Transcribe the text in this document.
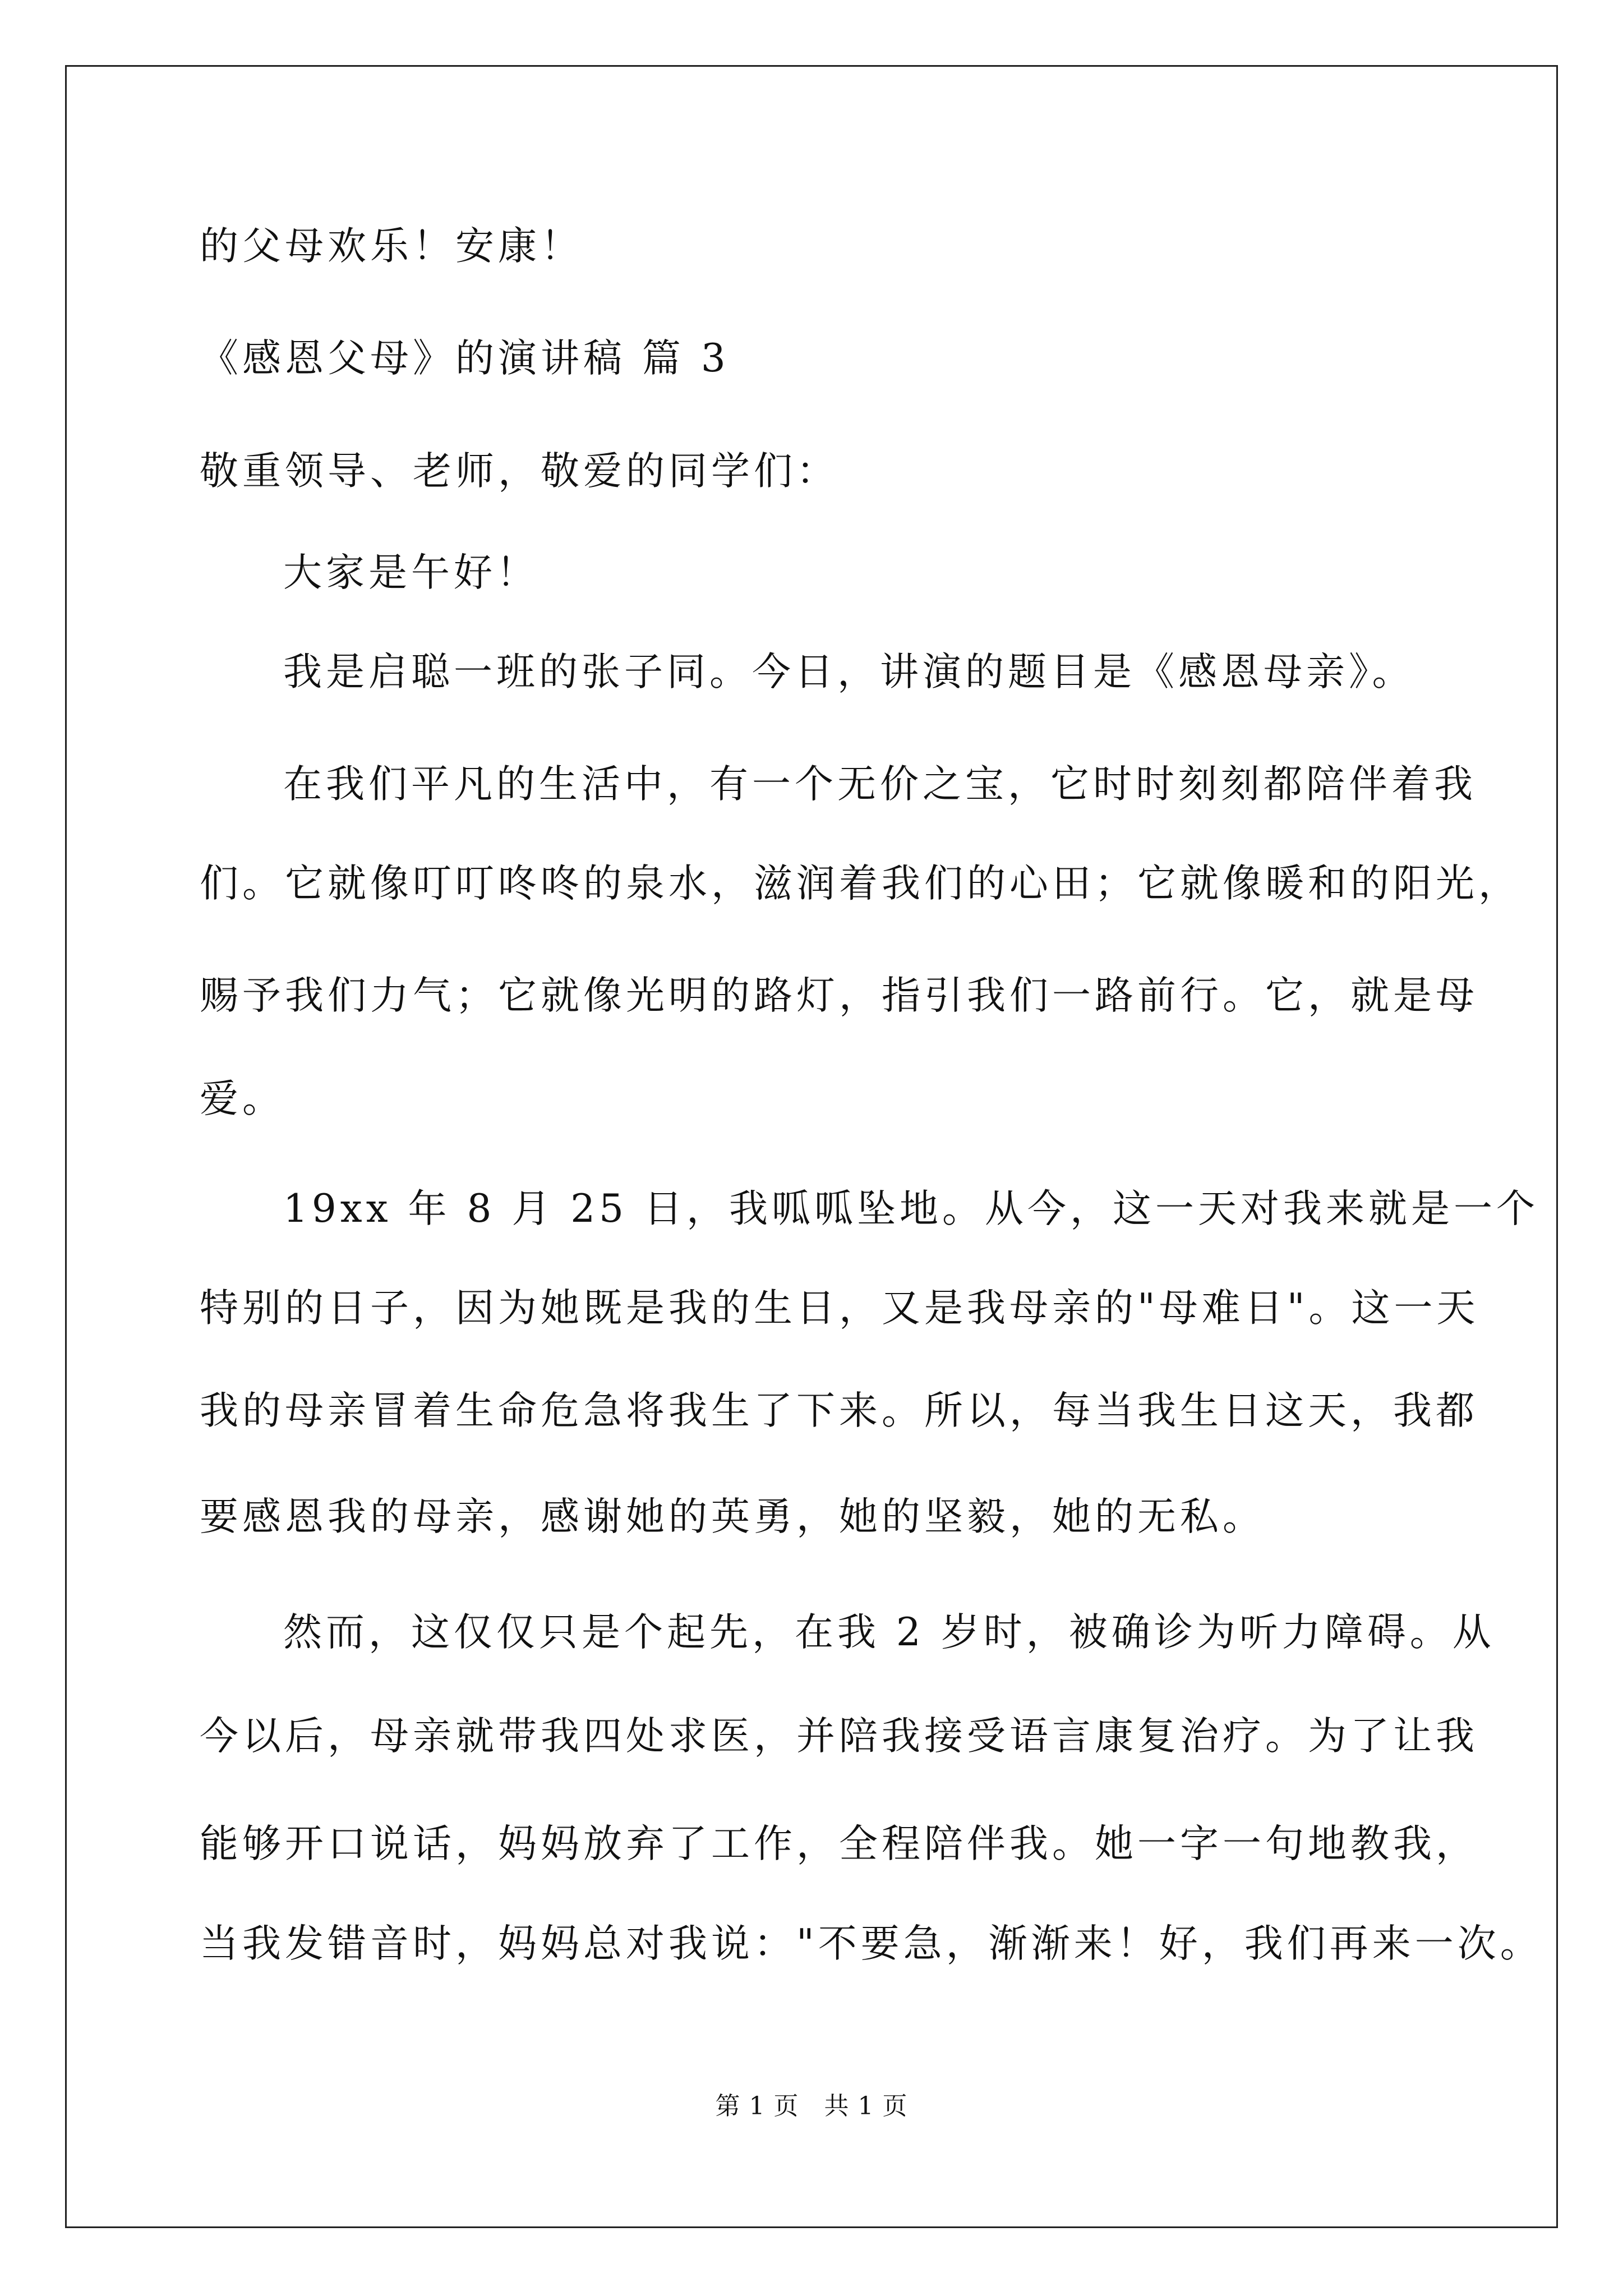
的父母欢乐！安康！

《感恩父母》的演讲稿 篇 3

敬重领导、老师，敬爱的同学们：

大家是午好！

我是启聪一班的张子同。今日，讲演的题目是《感恩母亲》。

在我们平凡的生活中，有一个无价之宝，它时时刻刻都陪伴着我

们。它就像叮叮咚咚的泉水，滋润着我们的心田；它就像暖和的阳光，

赐予我们力气；它就像光明的路灯，指引我们一路前行。它，就是母

爱。

19xx 年 8 月 25 日，我呱呱坠地。从今，这一天对我来就是一个

特别的日子，因为她既是我的生日，又是我母亲的"母难日"。这一天

我的母亲冒着生命危急将我生了下来。所以，每当我生日这天，我都

要感恩我的母亲，感谢她的英勇，她的坚毅，她的无私。

然而，这仅仅只是个起先，在我 2 岁时，被确诊为听力障碍。从

今以后，母亲就带我四处求医，并陪我接受语言康复治疗。为了让我

能够开口说话，妈妈放弃了工作，全程陪伴我。她一字一句地教我，

当我发错音时，妈妈总对我说："不要急，渐渐来！好，我们再来一次。

第 1 页　共 1 页
